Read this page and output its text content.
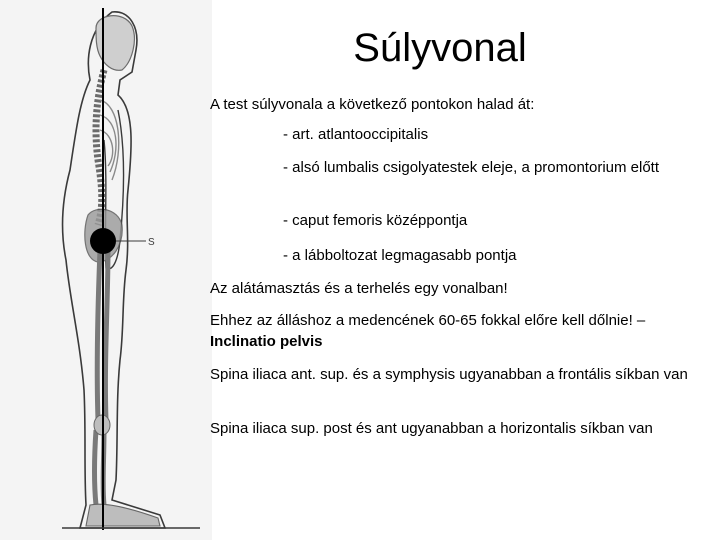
S
Súlyvonal
A test súlyvonala a következő pontokon halad át:
- art. atlantooccipitalis
- alsó lumbalis csigolyatestek eleje, a promontorium előtt
- caput femoris középpontja
- a lábboltozat legmagasabb pontja
Az alátámasztás és a terhelés egy vonalban!
Ehhez az álláshoz a medencének 60-65 fokkal előre kell dőlnie! – Inclinatio pelvis
Spina iliaca ant. sup. és a symphysis ugyanabban a frontális síkban van
Spina iliaca sup. post és ant ugyanabban a horizontalis síkban van
